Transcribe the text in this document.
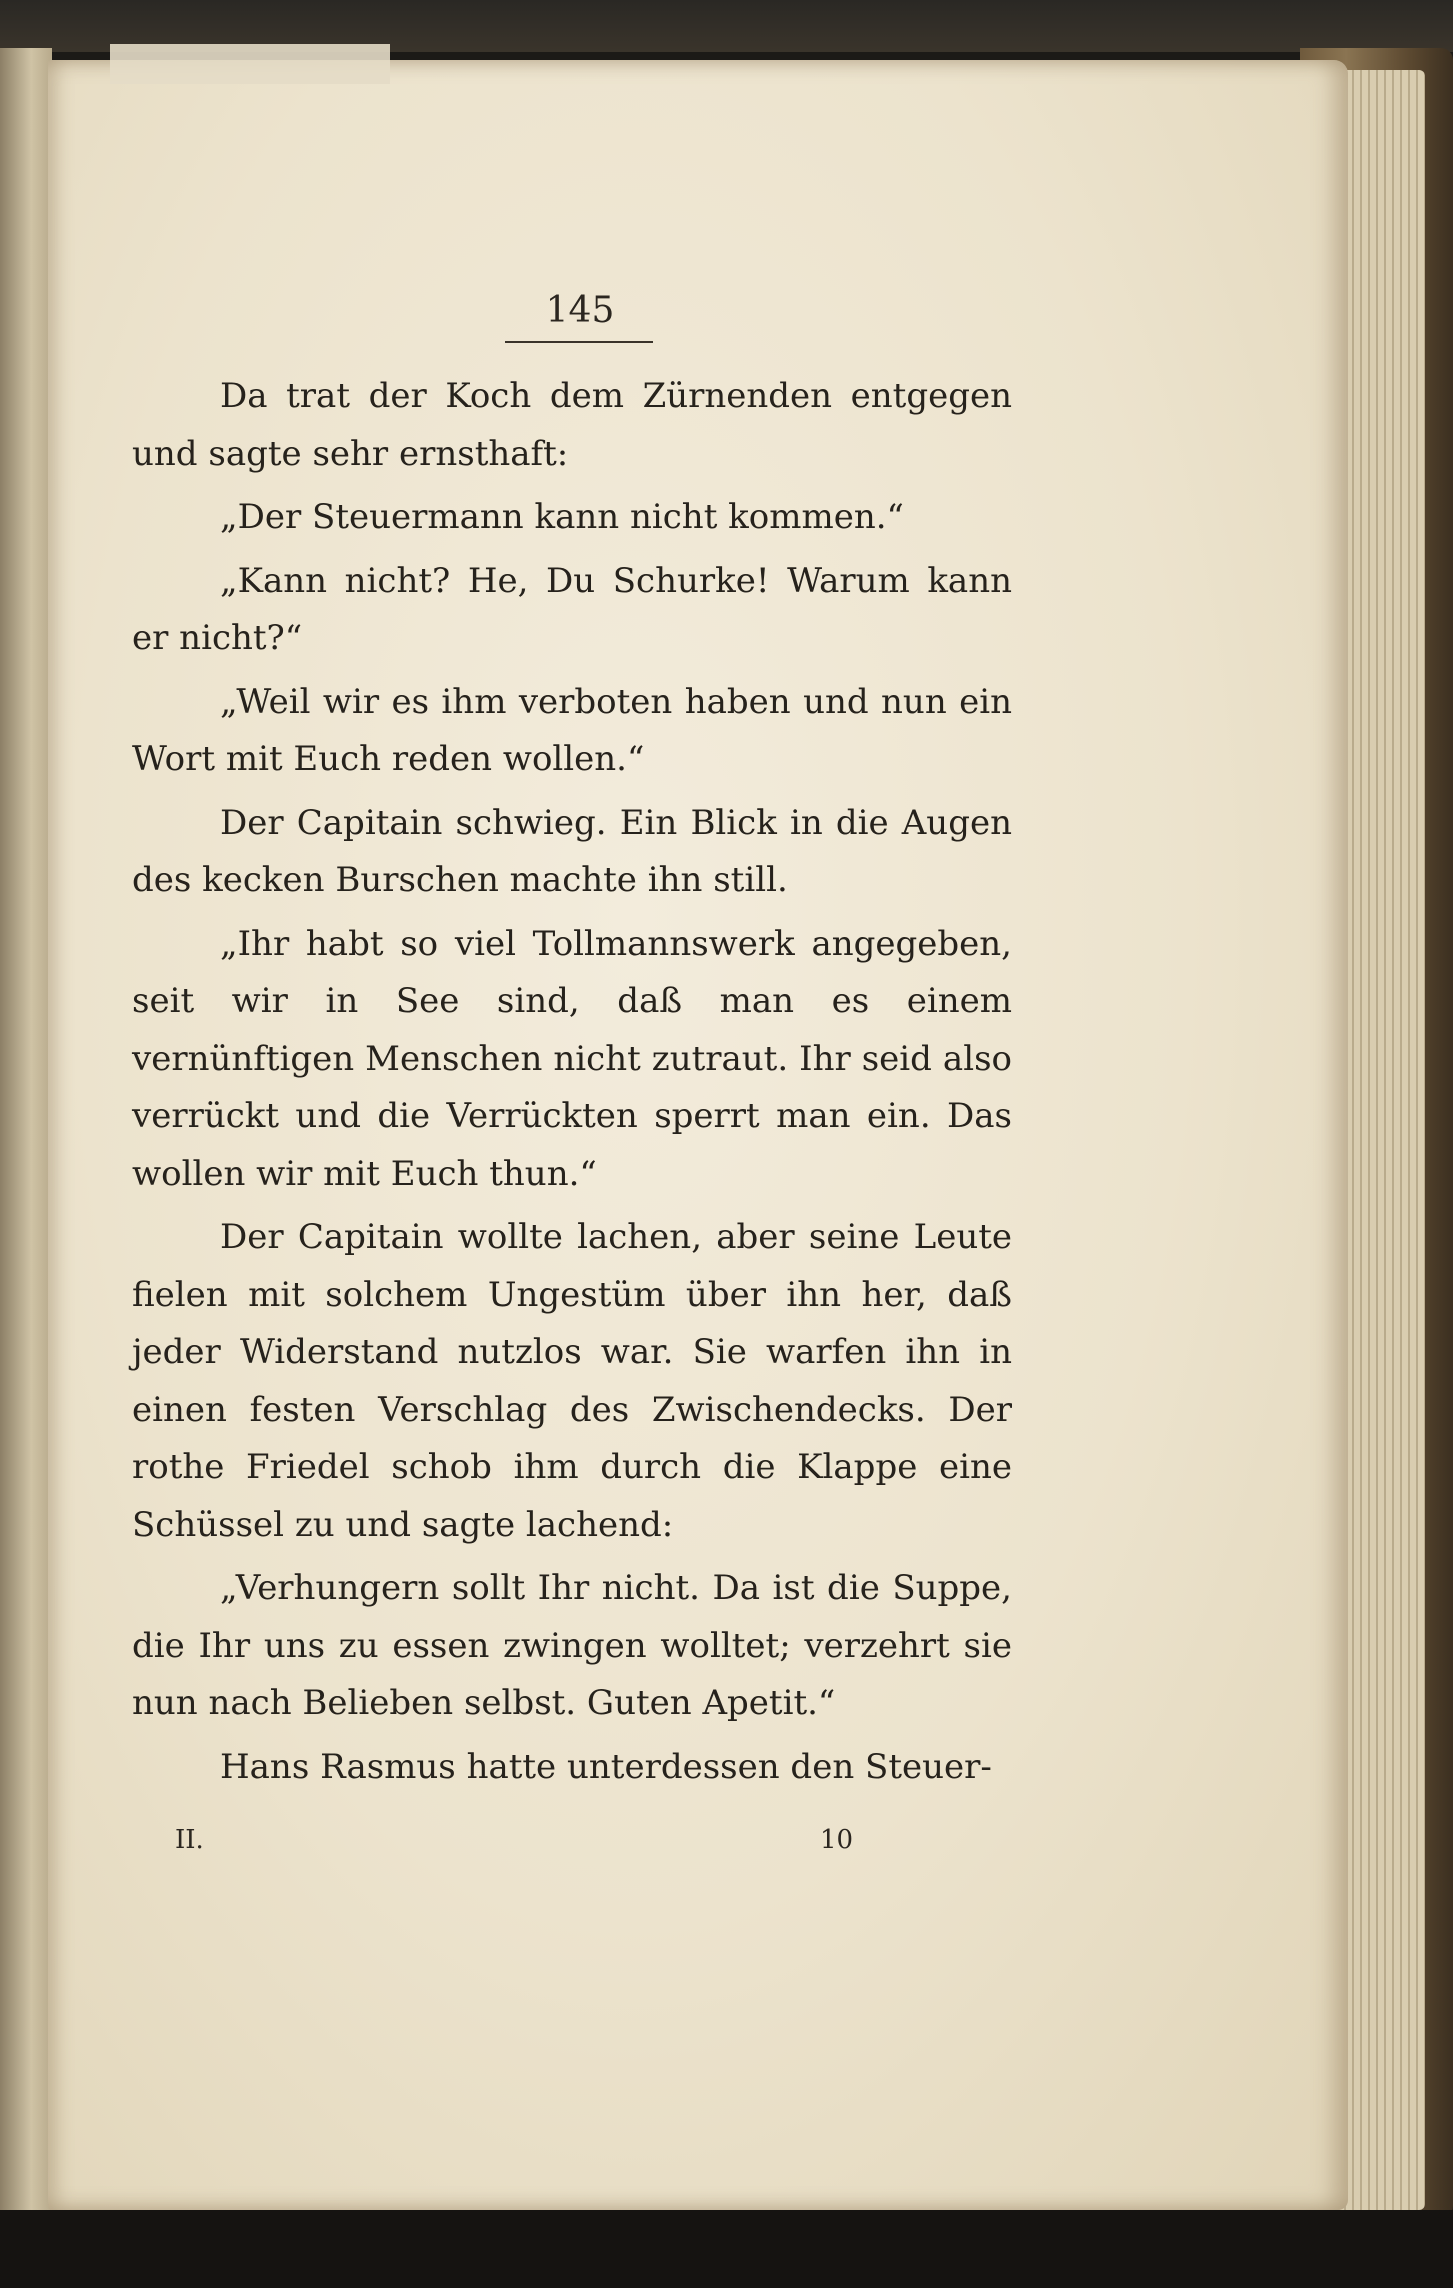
145

Da trat der Koch dem Zürnenden entgegen und sagte sehr ernsthaft:

„Der Steuermann kann nicht kommen.“

„Kann nicht? He, Du Schurke! Warum kann er nicht?“

„Weil wir es ihm verboten haben und nun ein Wort mit Euch reden wollen.“

Der Capitain schwieg. Ein Blick in die Augen des kecken Burschen machte ihn still.

„Ihr habt so viel Tollmannswerk angegeben, seit wir in See sind, daß man es einem vernünftigen Menschen nicht zutraut. Ihr seid also verrückt und die Verrückten sperrt man ein. Das wollen wir mit Euch thun.“

Der Capitain wollte lachen, aber seine Leute fielen mit solchem Ungestüm über ihn her, daß jeder Widerstand nutzlos war. Sie warfen ihn in einen festen Verschlag des Zwischendecks. Der rothe Friedel schob ihm durch die Klappe eine Schüssel zu und sagte lachend:

„Verhungern sollt Ihr nicht. Da ist die Suppe, die Ihr uns zu essen zwingen wolltet; verzehrt sie nun nach Belieben selbst. Guten Apetit.“

Hans Rasmus hatte unterdessen den Steuer-

II.	10
